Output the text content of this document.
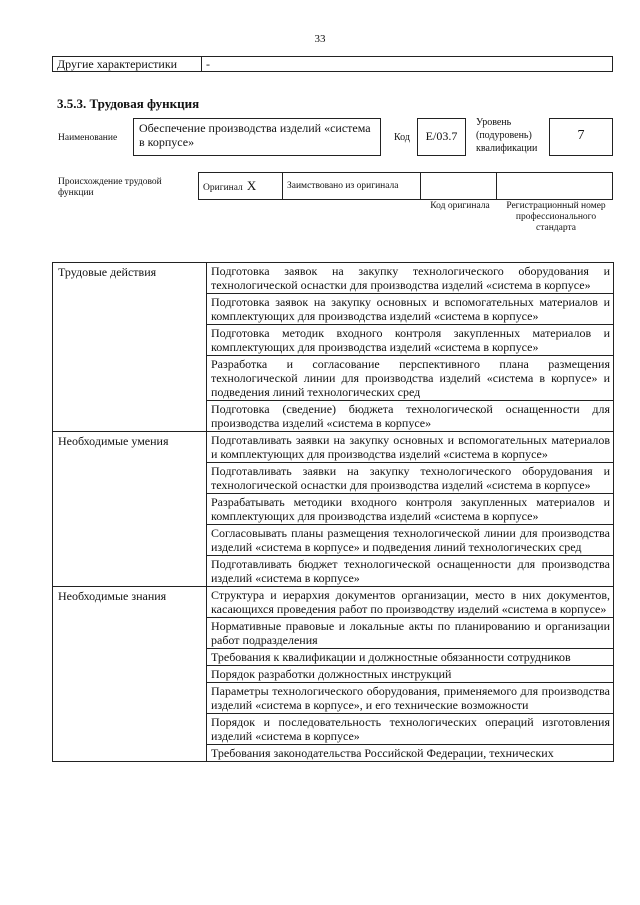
33
Другие характеристики	-
3.5.3. Трудовая функция
Наименование
Обеспечение производства изделий «система в корпусе»	Код	E/03.7
Уровень (подуровень) квалификации
7
Происхождение трудовой функции	Оригинал X	Заимствовано из оригинала		
Код оригинала	Регистрационный номер профессионального стандарта
Трудовые действия	Подготовка заявок на закупку технологического оборудования и технологической оснастки для производства изделий «система в корпусе»
	Подготовка заявок на закупку основных и вспомогательных материалов и комплектующих для производства изделий «система в корпусе»
	Подготовка методик входного контроля закупленных материалов и комплектующих для производства изделий «система в корпусе»
	Разработка и согласование перспективного плана размещения технологической линии для производства изделий «система в корпусе» и подведения линий технологических сред
	Подготовка (сведение) бюджета технологической оснащенности для производства изделий «система в корпусе»
Необходимые умения	Подготавливать заявки на закупку основных и вспомогательных материалов и комплектующих для производства изделий «система в корпусе»
	Подготавливать заявки на закупку технологического оборудования и технологической оснастки для производства изделий «система в корпусе»
	Разрабатывать методики входного контроля закупленных материалов и комплектующих для производства изделий «система в корпусе»
	Согласовывать планы размещения технологической линии для производства изделий «система в корпусе» и подведения линий технологических сред
	Подготавливать бюджет технологической оснащенности для производства изделий «система в корпусе»
Необходимые знания	Структура и иерархия документов организации, место в них документов, касающихся проведения работ по производству изделий «система в корпусе»
	Нормативные правовые и локальные акты по планированию и организации работ подразделения
	Требования к квалификации и должностные обязанности сотрудников
	Порядок разработки должностных инструкций
	Параметры технологического оборудования, применяемого для производства изделий «система в корпусе», и его технические возможности
	Порядок и последовательность технологических операций изготовления изделий «система в корпусе»
	Требования законодательства Российской Федерации, технических
